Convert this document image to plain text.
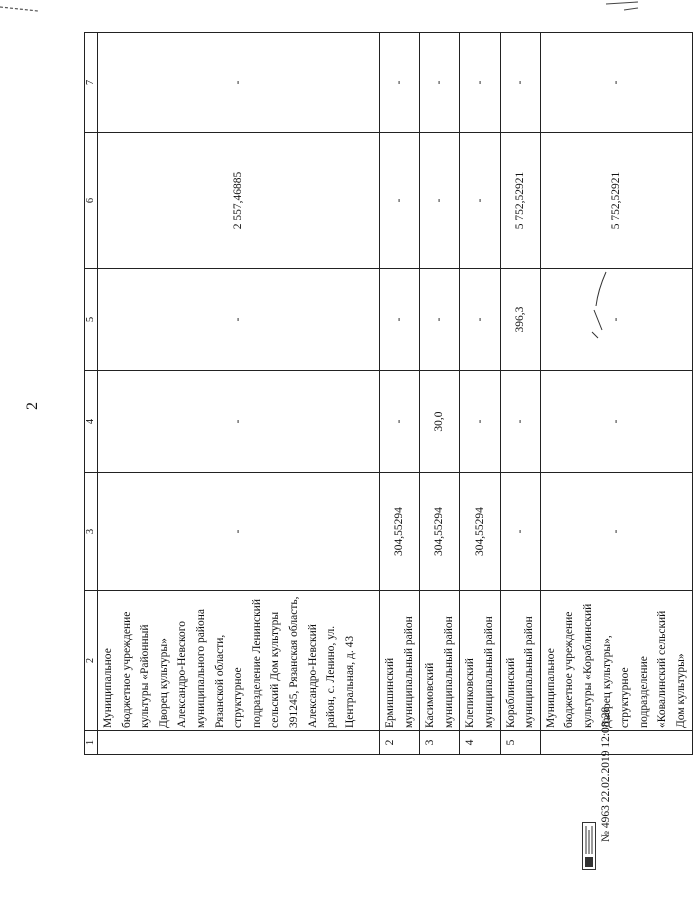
2
1	2	3	4	5	6	7
	Муниципальное бюджетное учреждение культуры «Районный Дворец культуры» Александро-Невского муниципального района Рязанской области, структурное подразделение Ленинский сельский Дом культуры 391245, Рязанская область, Александро-Невский район, с. Ленино, ул. Центральная, д. 43	-	-	-	2 557,46885	-
2	Ермишинский муниципальный район	304,55294	-	-	-	-
3	Касимовский муниципальный район	304,55294	30,0	-	-	-
4	Клепиковский муниципальный район	304,55294	-	-	-	-
5	Кораблинский муниципальный район	-	-	396,3	5 752,52921	-
	Муниципальное бюджетное учреждение культуры «Кораблинский Дворец культуры», структурное подразделение «Ковалинский сельский Дом культуры»	-	-	-	5 752,52921	-
№ 4963 22.02.2019 12:08:28
